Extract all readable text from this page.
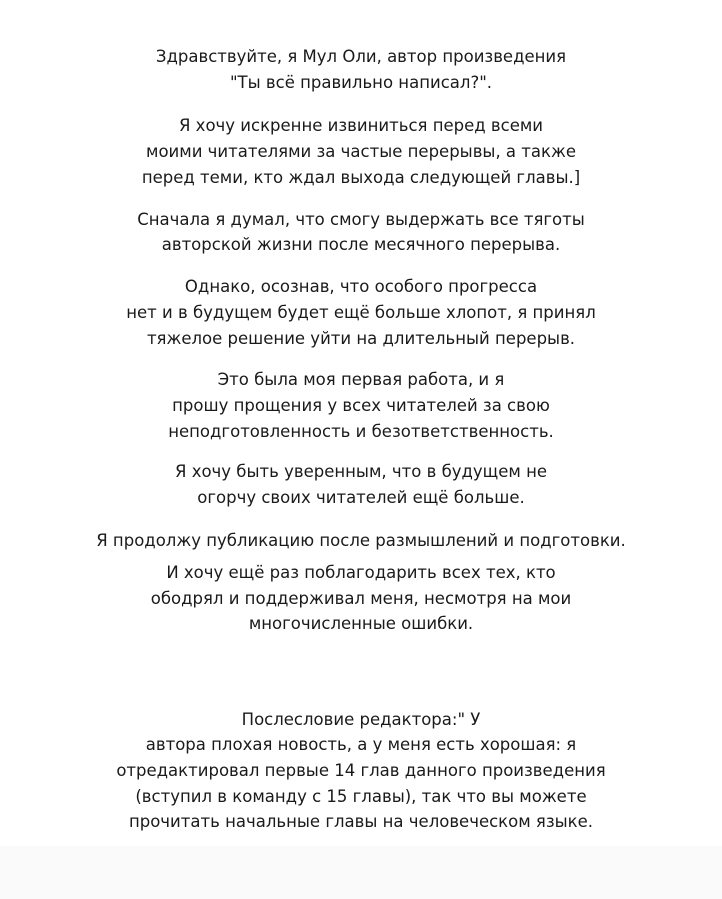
Здравствуйте, я Мул Оли, автор произведения
"Ты всё правильно написал?".
Я хочу искренне извиниться перед всеми
моими читателями за частые перерывы, а также
перед теми, кто ждал выхода следующей главы.]
Сначала я думал, что смогу выдержать все тяготы
авторской жизни после месячного перерыва.
Однако, осознав, что особого прогресса
нет и в будущем будет ещё больше хлопот, я принял
тяжелое решение уйти на длительный перерыв.
Это была моя первая работа, и я
прошу прощения у всех читателей за свою
неподготовленность и безответственность.
Я хочу быть уверенным, что в будущем не
огорчу своих читателей ещё больше.
Я продолжу публикацию после размышлений и подготовки.
И хочу ещё раз поблагодарить всех тех, кто
ободрял и поддерживал меня, несмотря на мои
многочисленные ошибки.
Послесловие редактора:" У
автора плохая новость, а у меня есть хорошая: я
отредактировал первые 14 глав данного произведения
(вступил в команду с 15 главы), так что вы можете
прочитать начальные главы на человеческом языке.
